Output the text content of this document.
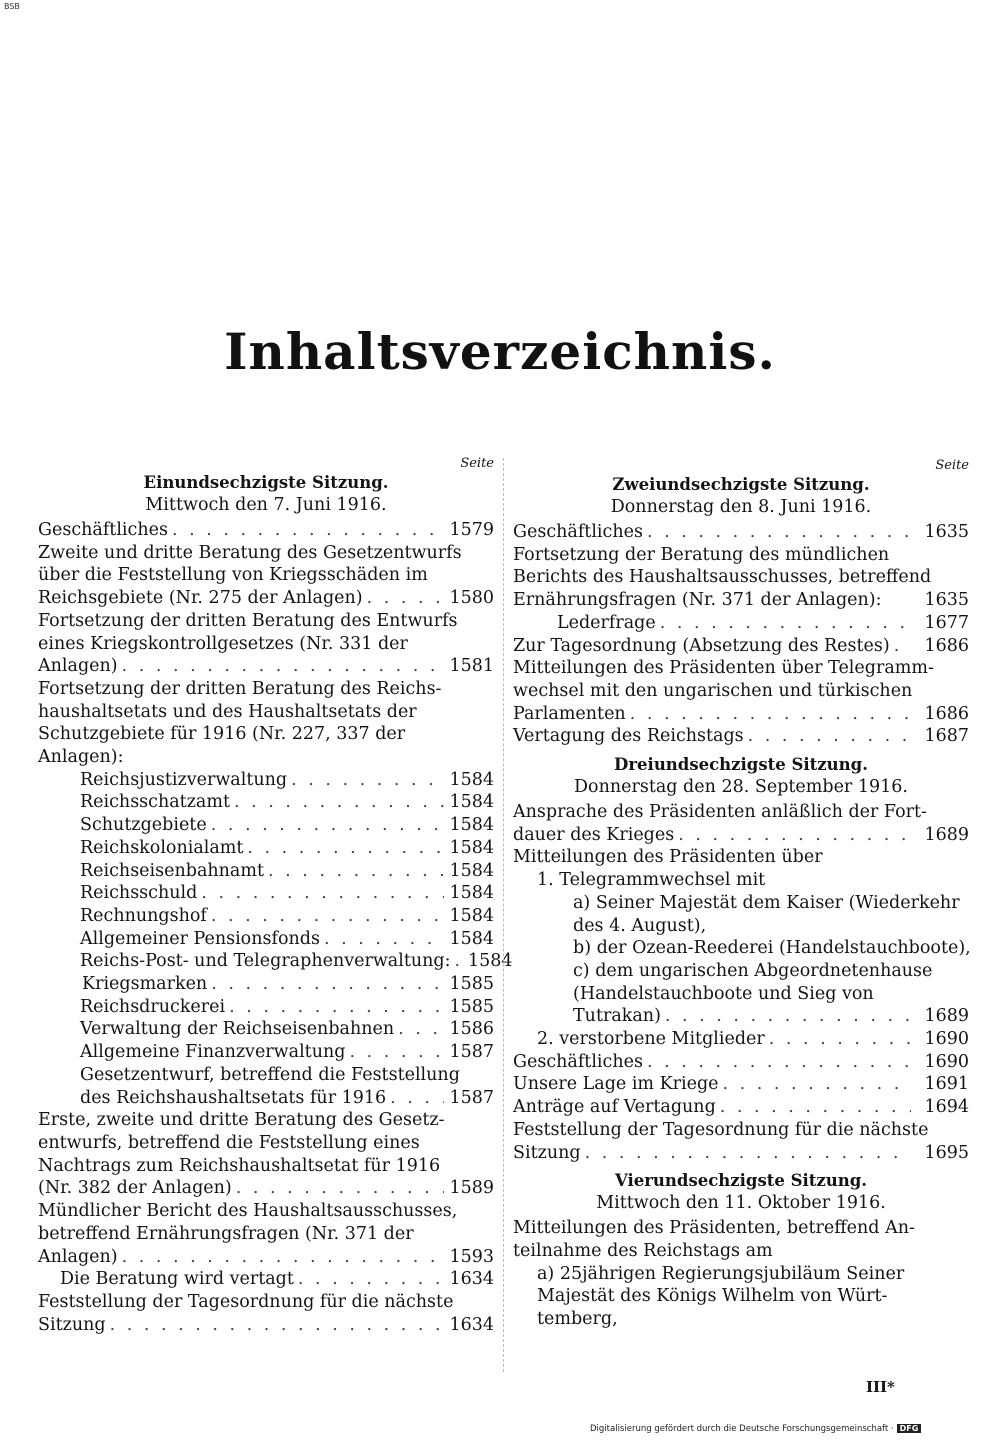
BSB
Inhaltsverzeichnis.
Seite
Einundsechzigste Sitzung.
Mittwoch den 7. Juni 1916.
Geschäftliches . . .	1579
Zweite und dritte Beratung des Gesetzentwurfs
über die Feststellung von Kriegsschäden im
Reichsgebiete (Nr. 275 der Anlagen) . . .	1580
Fortsetzung der dritten Beratung des Entwurfs
eines Kriegskontrollgesetzes (Nr. 331 der
Anlagen) . . .	1581
Fortsetzung der dritten Beratung des Reichs-
haushaltsetats und des Haushaltsetats der
Schutzgebiete für 1916 (Nr. 227, 337 der
Anlagen):
Reichsjustizverwaltung . . .	1584
Reichsschatzamt . . .	1584
Schutzgebiete . . .	1584
Reichskolonialamt . . .	1584
Reichseisenbahnamt . . .	1584
Reichsschuld . . .	1584
Rechnungshof . . .	1584
Allgemeiner Pensionsfonds . . .	1584
Reichs-Post- und Telegraphenverwaltung: . . . 1584
Kriegsmarken . . .	1585
Reichsdruckerei . . .	1585
Verwaltung der Reichseisenbahnen . . .	1586
Allgemeine Finanzverwaltung . . .	1587
Gesetzentwurf, betreffend die Feststellung
des Reichshaushaltsetats für 1916 . . .	1587
Erste, zweite und dritte Beratung des Gesetz-
entwurfs, betreffend die Feststellung eines
Nachtrags zum Reichshaushaltsetat für 1916
(Nr. 382 der Anlagen) . . .	1589
Mündlicher Bericht des Haushaltsausschusses,
betreffend Ernährungsfragen (Nr. 371 der
Anlagen) . . .	1593
Die Beratung wird vertagt . . .	1634
Feststellung der Tagesordnung für die nächste
Sitzung . . .	1634
Seite
Zweiundsechzigste Sitzung.
Donnerstag den 8. Juni 1916.
Geschäftliches . . .	1635
Fortsetzung der Beratung des mündlichen
Berichts des Haushaltsausschusses, betreffend
Ernährungsfragen (Nr. 371 der Anlagen):	1635
Lederfrage . . .	1677
Zur Tagesordnung (Absetzung des Restes) . . .	1686
Mitteilungen des Präsidenten über Telegramm-
wechsel mit den ungarischen und türkischen
Parlamenten . . .	1686
Vertagung des Reichstags . . .	1687
Dreiundsechzigste Sitzung.
Donnerstag den 28. September 1916.
Ansprache des Präsidenten anläßlich der Fort-
dauer des Krieges . . .	1689
Mitteilungen des Präsidenten über
1. Telegrammwechsel mit
a) Seiner Majestät dem Kaiser (Wiederkehr
des 4. August),
b) der Ozean-Reederei (Handelstauchboote),
c) dem ungarischen Abgeordnetenhause
(Handelstauchboote und Sieg von
Tutrakan) . . .	1689
2. verstorbene Mitglieder . . .	1690
Geschäftliches . . .	1690
Unsere Lage im Kriege . . .	1691
Anträge auf Vertagung . . .	1694
Feststellung der Tagesordnung für die nächste
Sitzung . . .	1695
Vierundsechzigste Sitzung.
Mittwoch den 11. Oktober 1916.
Mitteilungen des Präsidenten, betreffend An-
teilnahme des Reichstags am
a) 25jährigen Regierungsjubiläum Seiner
Majestät des Königs Wilhelm von Würt-
temberg,
III*
Digitalisierung gefördert durch die Deutsche Forschungsgemeinschaft · DFG
